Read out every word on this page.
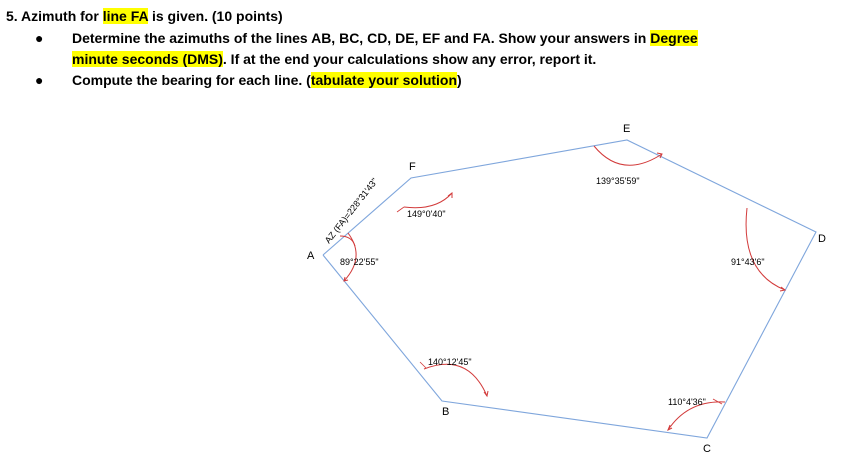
5. Azimuth for line FA is given. (10 points)

● Determine the azimuths of the lines AB, BC, CD, DE, EF and FA. Show your answers in Degree
minute seconds (DMS). If at the end your calculations show any error, report it.
● Compute the bearing for each line. (tabulate your solution)
A
F
E
D
C
B
89°22'55"
149°0'40"
139°35'59"
91°43'6"
110°4'36"
140°12'45"
AZ (FA)=228°31'43"
